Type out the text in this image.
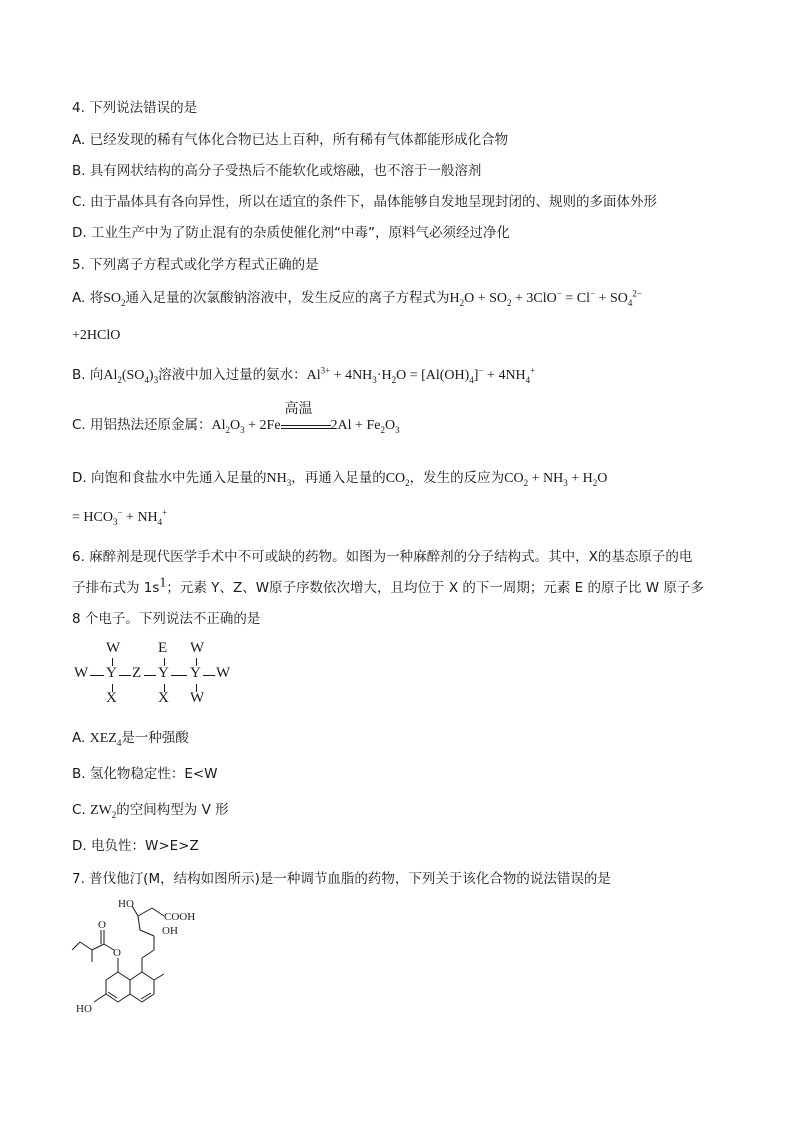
4. 下列说法错误的是
A. 已经发现的稀有气体化合物已达上百种，所有稀有气体都能形成化合物
B. 具有网状结构的高分子受热后不能软化或熔融，也不溶于一般溶剂
C. 由于晶体具有各向异性，所以在适宜的条件下，晶体能够自发地呈现封闭的、规则的多面体外形
D. 工业生产中为了防止混有的杂质使催化剂“中毒”，原料气必须经过净化
5. 下列离子方程式或化学方程式正确的是
A. 将$SO_2$通入足量的次氯酸钠溶液中，发生反应的离子方程式为$H_2O + SO_2 + 3ClO^- = Cl^- + SO_4^{2-}$
+2HClO
B. 向$Al_2(SO_4)_3$溶液中加入过量的氨水：$Al^{3+} + 4NH_3\cdot H_2O = [Al(OH)_4]^- + 4NH_4^+$
C. 用铝热法还原金属：$Al_2O_3 + 2Fe$
高温
$2Al + Fe_2O_3$
D. 向饱和食盐水中先通入足量的$NH_3$，再通入足量的$CO_2$，发生的反应为$CO_2 + NH_3 + H_2O$
= $HCO_3^- + NH_4^+$
6. 麻醉剂是现代医学手术中不可或缺的药物。如图为一种麻醉剂的分子结构式。其中，X的基态原子的电
子排布式为 $1s^1$；元素 Y、Z、W原子序数依次增大，且均位于 X 的下一周期；元素 E 的原子比 W 原子多
8 个电子。下列说法不正确的是
W	E W
W Y Z Y Y W
X	X W
A. $XEZ_4$是一种强酸
B. 氢化物稳定性：E<W
C. $ZW_2$的空间构型为 V 形
D. 电负性：W>E>Z
7. 普伐他汀(M，结构如图所示)是一种调节血脂的药物，下列关于该化合物的说法错误的是
HO
COOH
OH
O
O
HO
